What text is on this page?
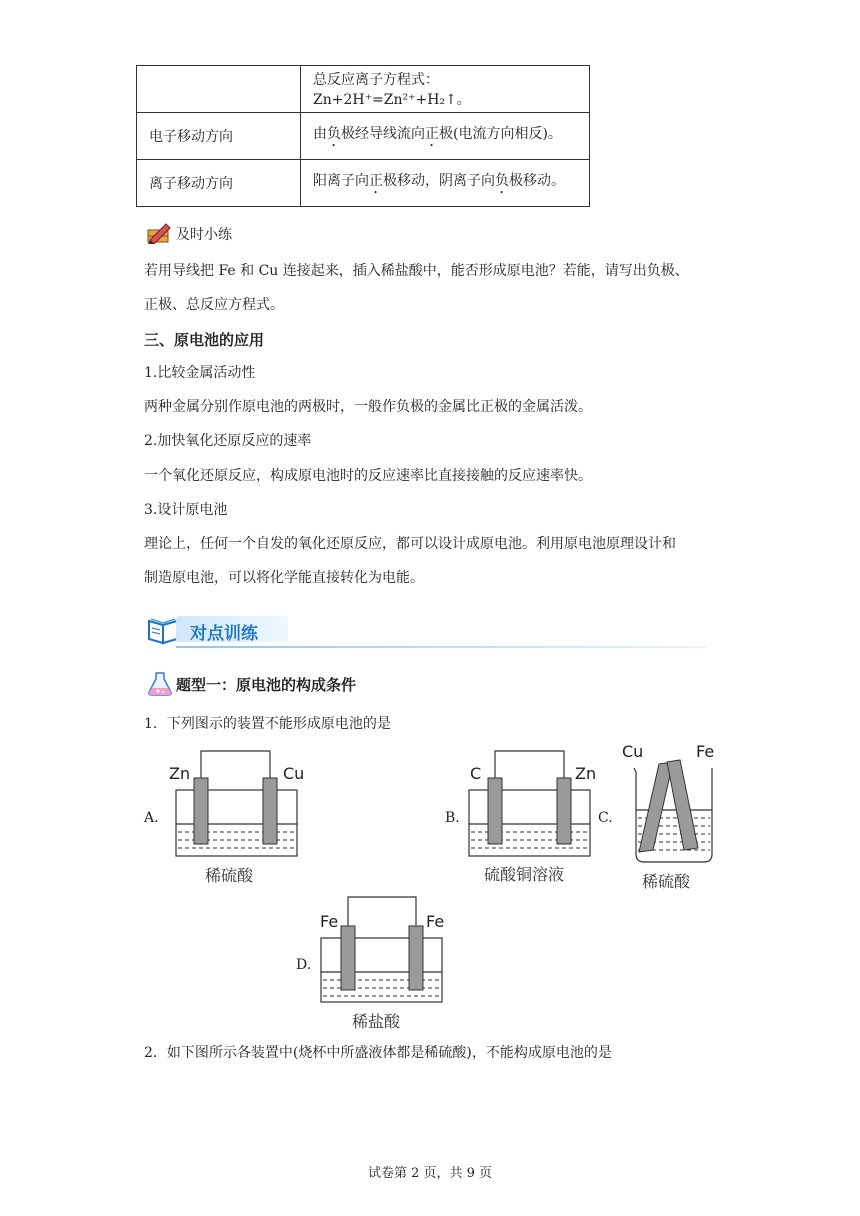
	总反应离子方程式：Zn+2H⁺=Zn²⁺+H₂↑。
电子移动方向	由负极经导线流向正极(电流方向相反)。
离子移动方向	阳离子向正极移动，阴离子向负极移动。
及时小练
若用导线把 Fe 和 Cu 连接起来，插入稀盐酸中，能否形成原电池？若能，请写出负极、
正极、总反应方程式。
三、原电池的应用
1.比较金属活动性
两种金属分别作原电池的两极时，一般作负极的金属比正极的金属活泼。
2.加快氧化还原反应的速率
一个氧化还原反应，构成原电池时的反应速率比直接接触的反应速率快。
3.设计原电池
理论上，任何一个自发的氧化还原反应，都可以设计成原电池。利用原电池原理设计和
制造原电池，可以将化学能直接转化为电能。
对点训练
题型一：原电池的构成条件
1．下列图示的装置不能形成原电池的是
A.
Zn	Cu
稀硫酸
B.
C	Zn
硫酸铜溶液
C.
Cu	Fe
稀硫酸
D.
Fe	Fe
稀盐酸
2．如下图所示各装置中(烧杯中所盛液体都是稀硫酸)，不能构成原电池的是
试卷第 2 页，共 9 页
